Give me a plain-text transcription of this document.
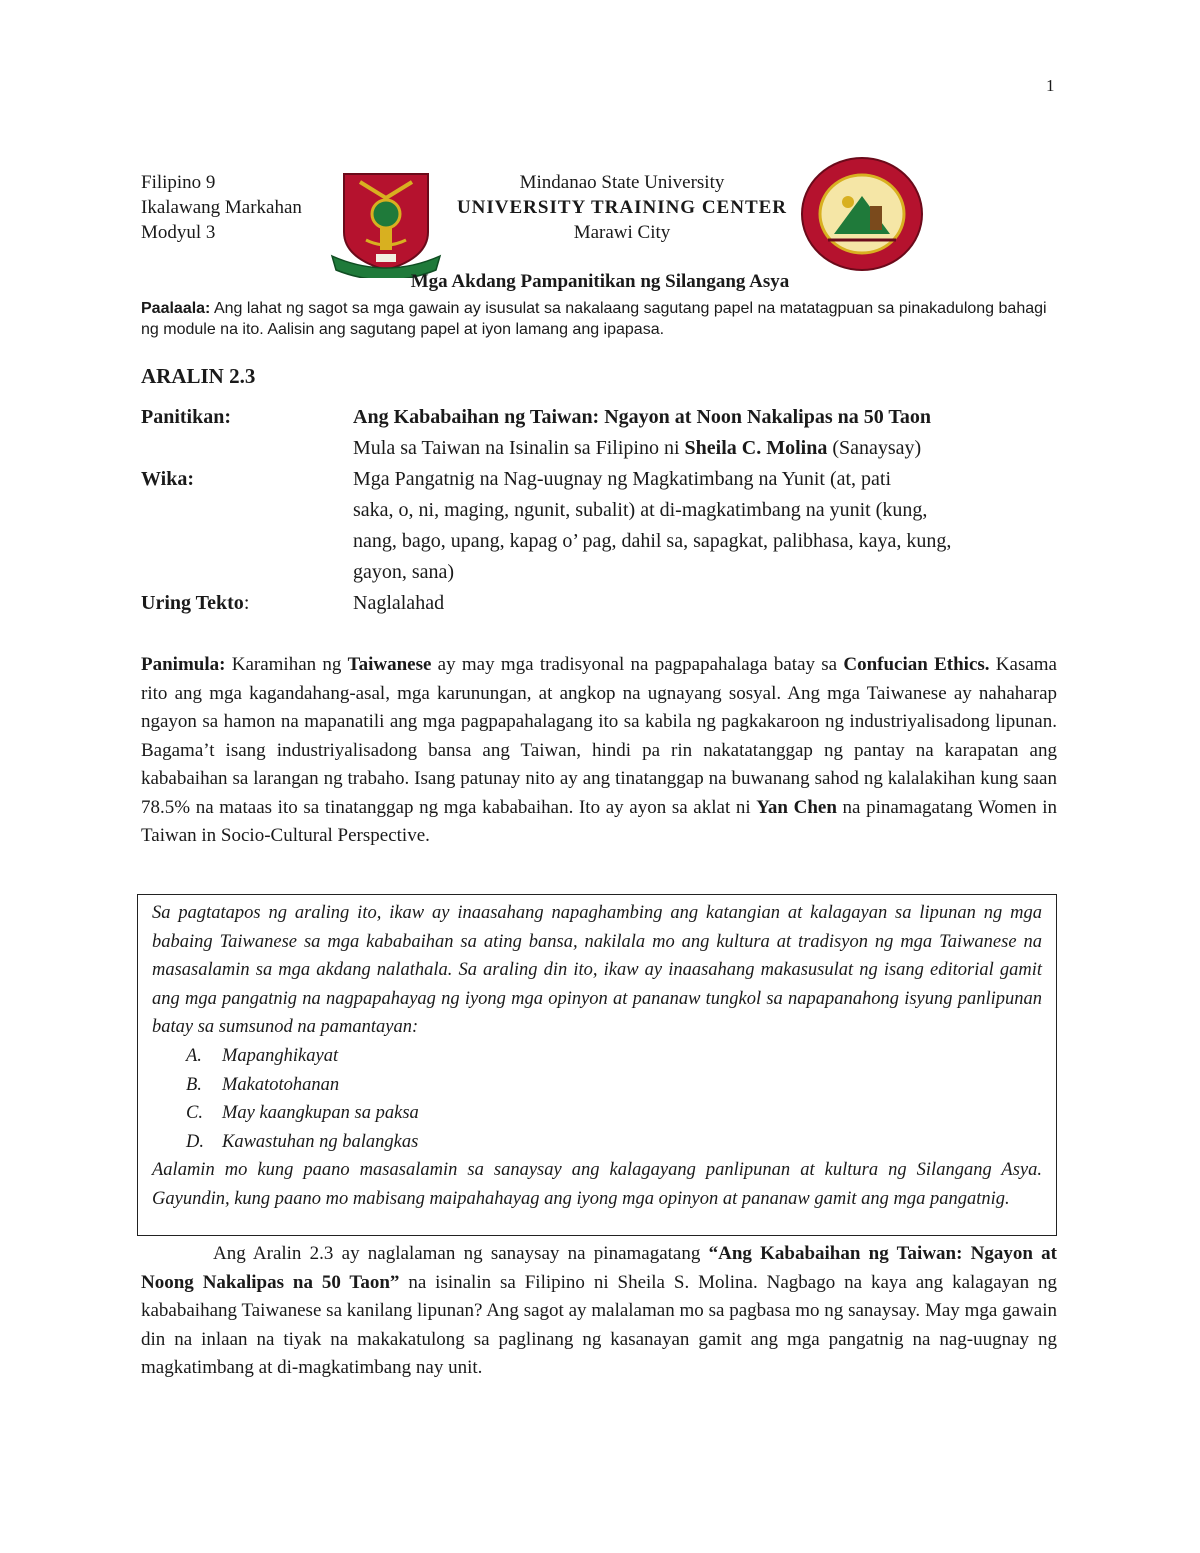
1
Filipino 9
Ikalawang Markahan
Modyul 3
Mindanao State University
UNIVERSITY TRAINING CENTER
Marawi City
Mga Akdang Pampanitikan ng Silangang Asya
Paalaala: Ang lahat ng sagot sa mga gawain ay isusulat sa nakalaang sagutang papel na matatagpuan sa pinakadulong bahagi ng module na ito. Aalisin ang sagutang papel at iyon lamang ang ipapasa.
ARALIN 2.3
Panitikan:	Ang Kababaihan ng Taiwan: Ngayon at Noon Nakalipas na 50 Taon
Mula sa Taiwan na Isinalin sa Filipino ni Sheila C. Molina (Sanaysay)
Wika:	Mga Pangatnig na Nag-uugnay ng Magkatimbang na Yunit (at, pati
saka, o, ni, maging, ngunit, subalit) at di-magkatimbang na yunit (kung,
nang, bago, upang, kapag o’ pag, dahil sa, sapagkat, palibhasa, kaya, kung,
gayon, sana)
Uring Tekto:	Naglalahad
Panimula: Karamihan ng Taiwanese ay may mga tradisyonal na pagpapahalaga batay sa Confucian Ethics. Kasama rito ang mga kagandahang-asal, mga karunungan, at angkop na ugnayang sosyal. Ang mga Taiwanese ay nahaharap ngayon sa hamon na mapanatili ang mga pagpapahalagang ito sa kabila ng pagkakaroon ng industriyalisadong lipunan. Bagama’t isang industriyalisadong bansa ang Taiwan, hindi pa rin nakatatanggap ng pantay na karapatan ang kababaihan sa larangan ng trabaho. Isang patunay nito ay ang tinatanggap na buwanang sahod ng kalalakihan kung saan 78.5% na mataas ito sa tinatanggap ng mga kababaihan. Ito ay ayon sa aklat ni Yan Chen na pinamagatang Women in Taiwan in Socio-Cultural Perspective.

Sa pagtatapos ng araling ito, ikaw ay inaasahang napaghambing ang katangian at kalagayan sa lipunan ng mga babaing Taiwanese sa mga kababaihan sa ating bansa, nakilala mo ang kultura at tradisyon ng mga Taiwanese na masasalamin sa mga akdang nalathala. Sa araling din ito, ikaw ay inaasahang makasusulat ng isang editorial gamit ang mga pangatnig na nagpapahayag ng iyong mga opinyon at pananaw tungkol sa napapanahong isyung panlipunan batay sa sumsunod na pamantayan:

A. Mapanghikayat
B. Makatotohanan
C. May kaangkupan sa paksa
D. Kawastuhan ng balangkas

Aalamin mo kung paano masasalamin sa sanaysay ang kalagayang panlipunan at kultura ng Silangang Asya. Gayundin, kung paano mo mabisang maipahahayag ang iyong mga opinyon at pananaw gamit ang mga pangatnig.

Ang Aralin 2.3 ay naglalaman ng sanaysay na pinamagatang “Ang Kababaihan ng Taiwan: Ngayon at Noong Nakalipas na 50 Taon” na isinalin sa Filipino ni Sheila S. Molina. Nagbago na kaya ang kalagayan ng kababaihang Taiwanese sa kanilang lipunan? Ang sagot ay malalaman mo sa pagbasa mo ng sanaysay. May mga gawain din na inlaan na tiyak na makakatulong sa paglinang ng kasanayan gamit ang mga pangatnig na nag-uugnay ng magkatimbang at di-magkatimbang nay unit.
